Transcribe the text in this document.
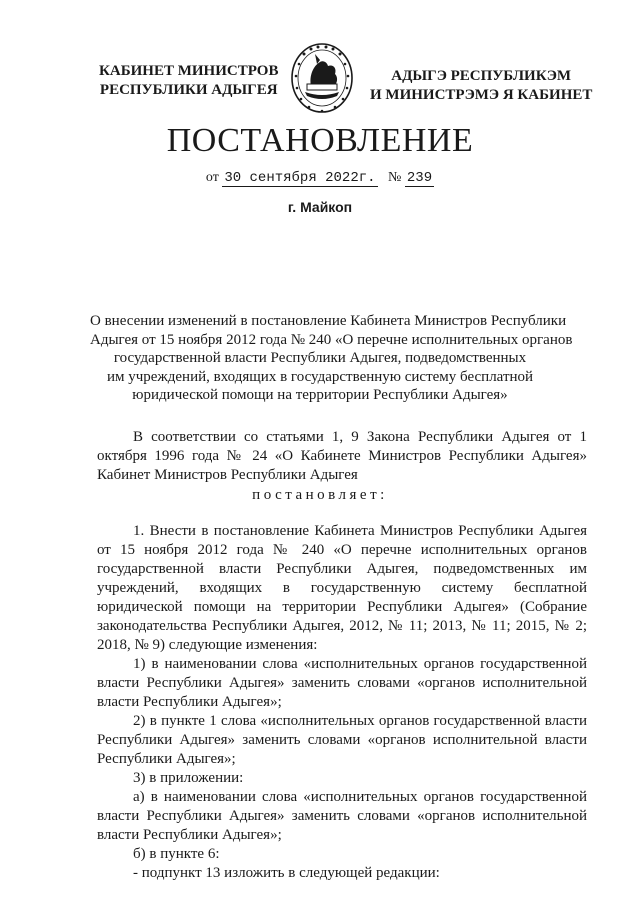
КАБИНЕТ МИНИСТРОВ
РЕСПУБЛИКИ АДЫГЕЯ
АДЫГЭ РЕСПУБЛИКЭМ
И МИНИСТРЭМЭ Я КАБИНЕТ
ПОСТАНОВЛЕНИЕ
от 30 сентября 2022г. № 239
г. Майкоп
О внесении изменений в постановление Кабинета Министров Республики
Адыгея от 15 ноября 2012 года № 240 «О перечне исполнительных органов
государственной власти Республики Адыгея, подведомственных
им учреждений, входящих в государственную систему бесплатной
юридической помощи на территории Республики Адыгея»

В соответствии со статьями 1, 9 Закона Республики Адыгея от 1 октября 1996 года № 24 «О Кабинете Министров Республики Адыгея» Кабинет Министров Республики Адыгея

постановляет:

1. Внести в постановление Кабинета Министров Республики Адыгея от 15 ноября 2012 года № 240 «О перечне исполнительных органов государственной власти Республики Адыгея, подведомственных им учреждений, входящих в государственную систему бесплатной юридической помощи на территории Республики Адыгея» (Собрание законодательства Республики Адыгея, 2012, № 11; 2013, № 11; 2015, № 2; 2018, № 9) следующие изменения:

1) в наименовании слова «исполнительных органов государственной власти Республики Адыгея» заменить словами «органов исполнительной власти Республики Адыгея»;

2) в пункте 1 слова «исполнительных органов государственной власти Республики Адыгея» заменить словами «органов исполнительной власти Республики Адыгея»;

3) в приложении:

а) в наименовании слова «исполнительных органов государственной власти Республики Адыгея» заменить словами «органов исполнительной власти Республики Адыгея»;

б) в пункте 6:

- подпункт 13 изложить в следующей редакции:
